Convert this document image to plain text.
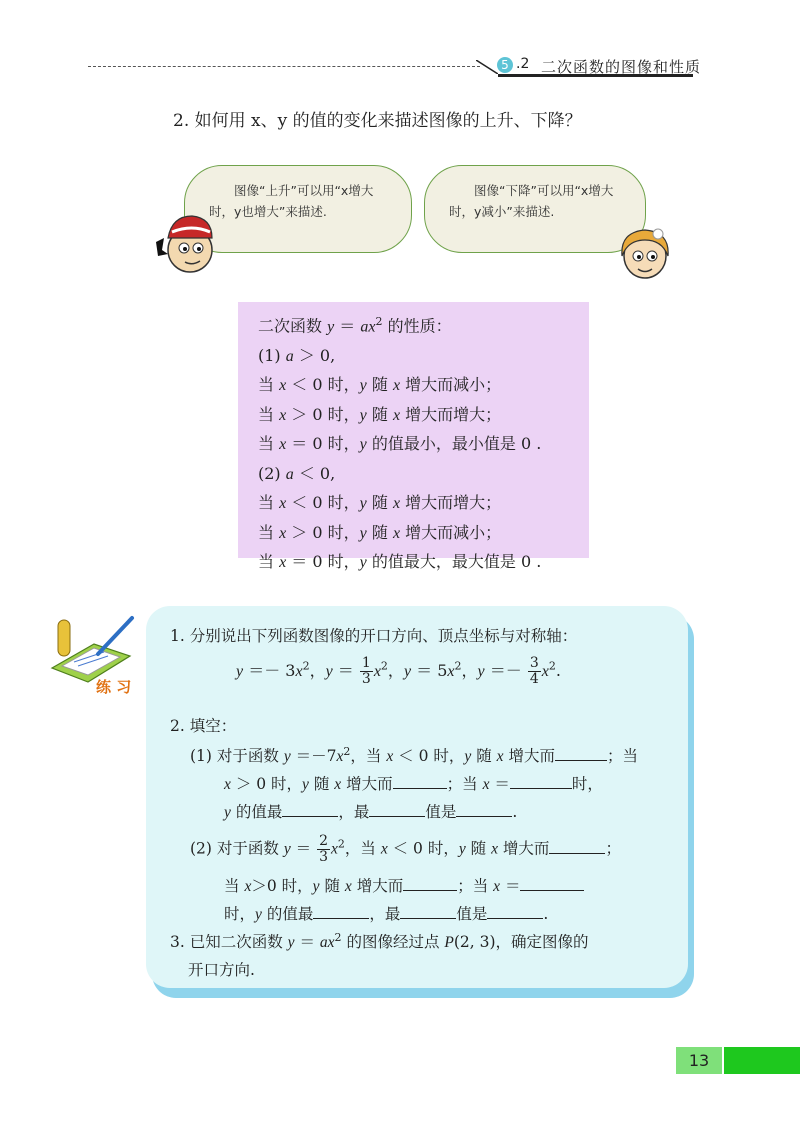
5 .2 二次函数的图像和性质
2. 如何用 x、y 的值的变化来描述图像的上升、下降？
图像“上升”可以用“x增大时，y也增大”来描述.
图像“下降”可以用“x增大时，y减小”来描述.
二次函数 $y = ax^2$ 的性质：
(1) a ＞ 0,
当 x ＜ 0 时，y 随 x 增大而减小；
当 x ＞ 0 时，y 随 x 增大而增大；
当 x ＝ 0 时，y 的值最小，最小值是 0 .
(2) a ＜ 0,
当 x ＜ 0 时，y 随 x 增大而增大；
当 x ＞ 0 时，y 随 x 增大而减小；
当 x ＝ 0 时，y 的值最大，最大值是 0 .
练 习
1. 分别说出下列函数图像的开口方向、顶点坐标与对称轴：
$y =- 3x^2$，$y = \frac{1}{3} x^2$，$y = 5x^2$，$y =- \frac{3}{4} x^2$.
2. 填空：
(1) 对于函数 $y =-7x^2$，当 x ＜ 0 时，y 随 x 增大而	；当
x ＞ 0 时，y 随 x 增大而	；当 x ＝	时，
y 的值最	，最	值是	.
(2) 对于函数 $y = \frac{2}{3} x^2$，当 x ＜ 0 时，y 随 x 增大而	；
当 x＞0 时，y 随 x 增大而	；当 x ＝
时，y 的值最	，最	值是	.
3. 已知二次函数 $y = ax^2$ 的图像经过点 P(2, 3)，确定图像的
开口方向.
13
